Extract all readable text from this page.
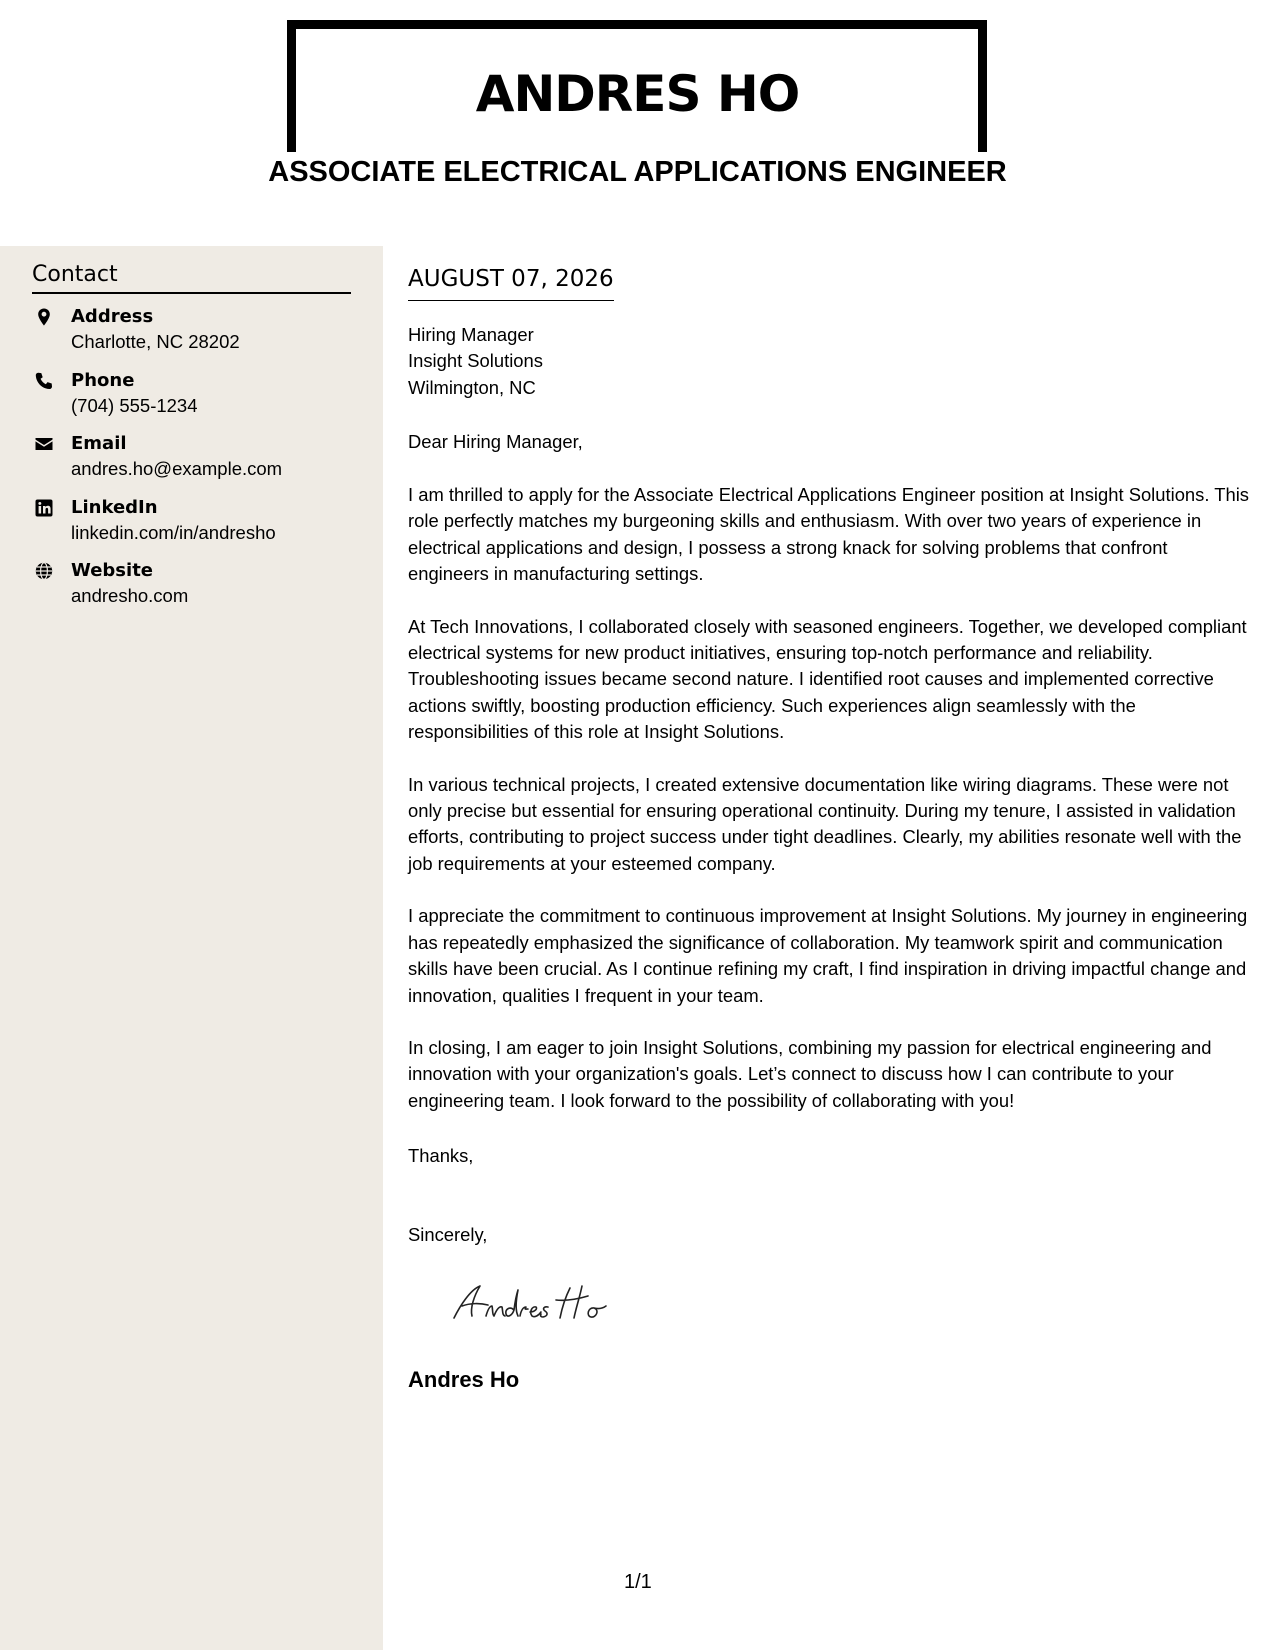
ANDRES HO
ASSOCIATE ELECTRICAL APPLICATIONS ENGINEER
Contact
Address
Charlotte, NC 28202
Phone
(704) 555-1234
Email
andres.ho@example.com
LinkedIn
linkedin.com/in/andresho
Website
andresho.com
AUGUST 07, 2026
Hiring Manager
Insight Solutions
Wilmington, NC
Dear Hiring Manager,

I am thrilled to apply for the Associate Electrical Applications Engineer position at Insight Solutions. This role perfectly matches my burgeoning skills and enthusiasm. With over two years of experience in electrical applications and design, I possess a strong knack for solving problems that confront engineers in manufacturing settings.

At Tech Innovations, I collaborated closely with seasoned engineers. Together, we developed compliant electrical systems for new product initiatives, ensuring top-notch performance and reliability. Troubleshooting issues became second nature. I identified root causes and implemented corrective actions swiftly, boosting production efficiency. Such experiences align seamlessly with the responsibilities of this role at Insight Solutions.

In various technical projects, I created extensive documentation like wiring diagrams. These were not only precise but essential for ensuring operational continuity. During my tenure, I assisted in validation efforts, contributing to project success under tight deadlines. Clearly, my abilities resonate well with the job requirements at your esteemed company.

I appreciate the commitment to continuous improvement at Insight Solutions. My journey in engineering has repeatedly emphasized the significance of collaboration. My teamwork spirit and communication skills have been crucial. As I continue refining my craft, I find inspiration in driving impactful change and innovation, qualities I frequent in your team.

In closing, I am eager to join Insight Solutions, combining my passion for electrical engineering and innovation with your organization's goals. Let’s connect to discuss how I can contribute to your engineering team. I look forward to the possibility of collaborating with you!

Thanks,
Sincerely,
Andres Ho
1/1
